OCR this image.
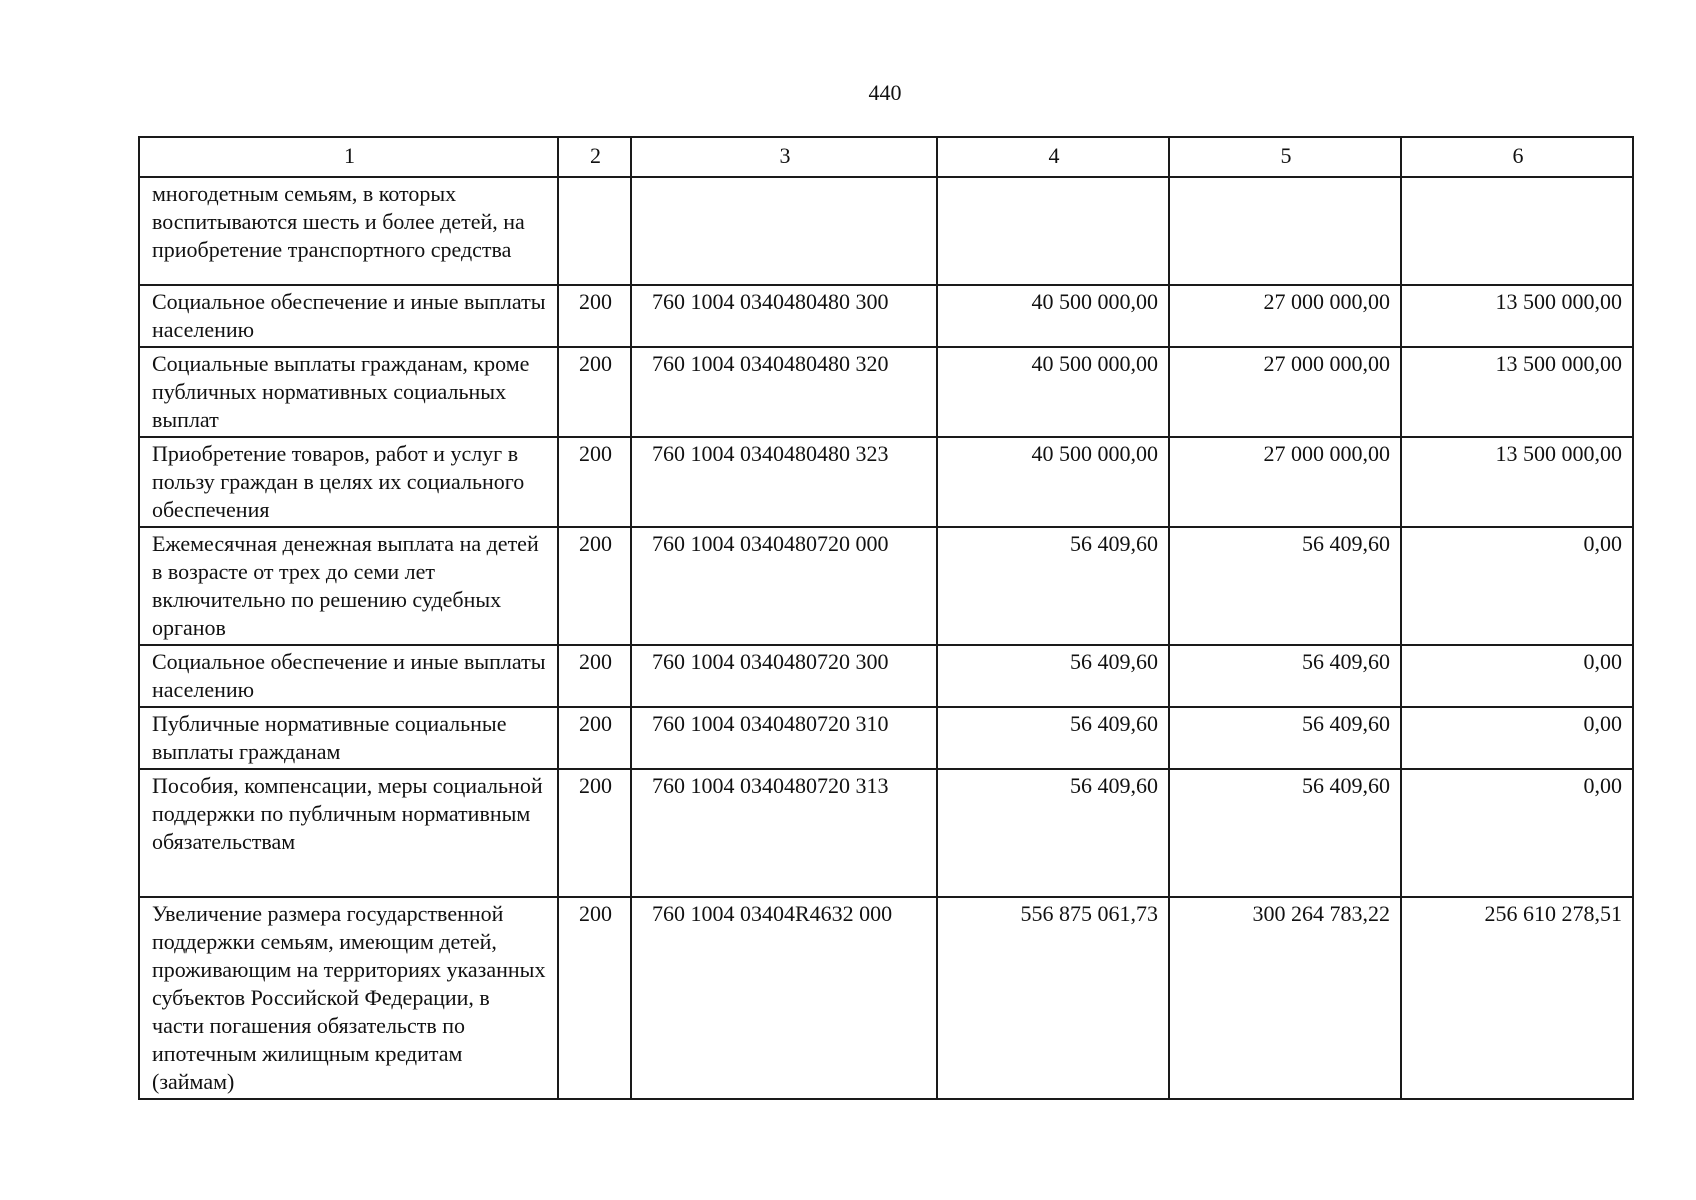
440
1	2	3	4	5	6
многодетным семьям, в которых воспитываются шесть и более детей, на приобретение транспортного средства					
Социальное обеспечение и иные выплаты населению	200	760 1004 0340480480 300	40 500 000,00	27 000 000,00	13 500 000,00
Социальные выплаты гражданам, кроме публичных нормативных социальных выплат	200	760 1004 0340480480 320	40 500 000,00	27 000 000,00	13 500 000,00
Приобретение товаров, работ и услуг в пользу граждан в целях их социального обеспечения	200	760 1004 0340480480 323	40 500 000,00	27 000 000,00	13 500 000,00
Ежемесячная денежная выплата на детей в возрасте от трех до семи лет включительно по решению судебных органов	200	760 1004 0340480720 000	56 409,60	56 409,60	0,00
Социальное обеспечение и иные выплаты населению	200	760 1004 0340480720 300	56 409,60	56 409,60	0,00
Публичные нормативные социальные выплаты гражданам	200	760 1004 0340480720 310	56 409,60	56 409,60	0,00
Пособия, компенсации, меры социальной поддержки по публичным нормативным обязательствам	200	760 1004 0340480720 313	56 409,60	56 409,60	0,00
Увеличение размера государственной поддержки семьям, имеющим детей, проживающим на территориях указанных субъектов Российской Федерации, в части погашения обязательств по ипотечным жилищным кредитам (займам)	200	760 1004 03404R4632 000	556 875 061,73	300 264 783,22	256 610 278,51
